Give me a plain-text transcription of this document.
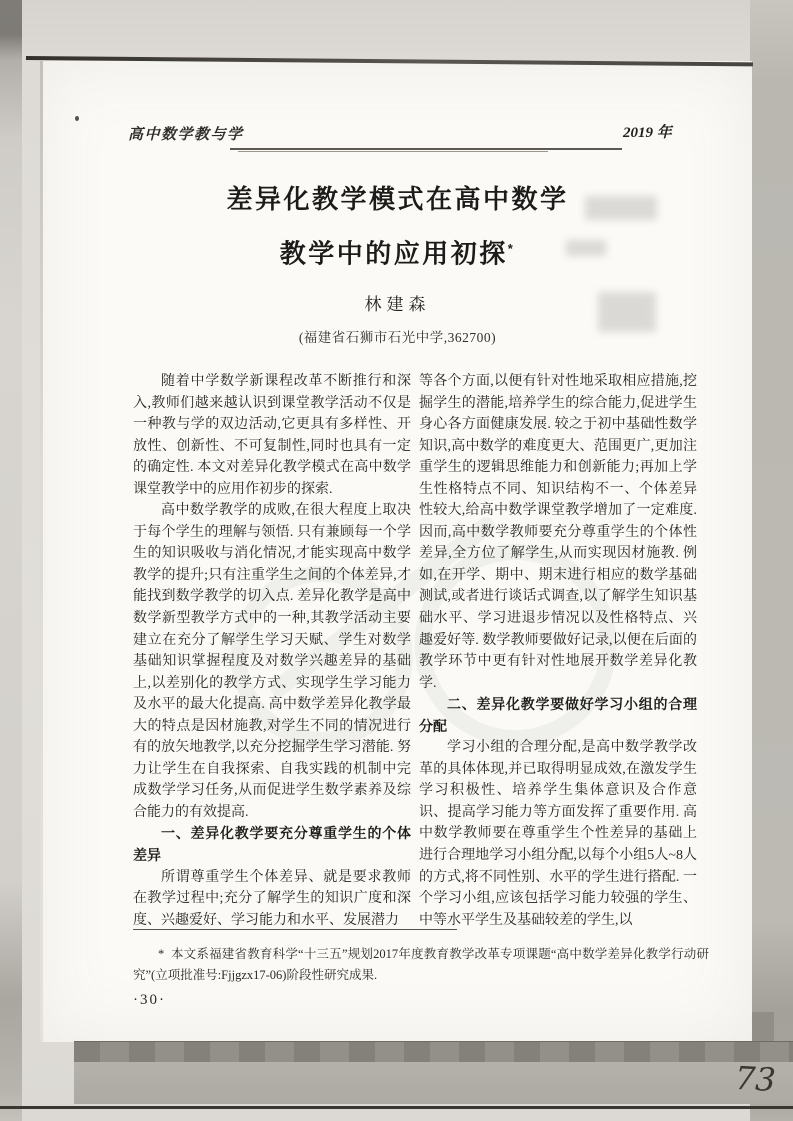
高中数学教与学	2019 年
差异化教学模式在高中数学
教学中的应用初探*
林建森
(福建省石狮市石光中学,362700)

随着中学数学新课程改革不断推行和深入,教师们越来越认识到课堂教学活动不仅是一种教与学的双边活动,它更具有多样性、开放性、创新性、不可复制性,同时也具有一定的确定性. 本文对差异化教学模式在高中数学课堂教学中的应用作初步的探索.

高中数学教学的成败,在很大程度上取决于每个学生的理解与领悟. 只有兼顾每一个学生的知识吸收与消化情况,才能实现高中数学教学的提升;只有注重学生之间的个体差异,才能找到数学教学的切入点. 差异化教学是高中数学新型教学方式中的一种,其教学活动主要建立在充分了解学生学习天赋、学生对数学基础知识掌握程度及对数学兴趣差异的基础上,以差别化的教学方式、实现学生学习能力及水平的最大化提高. 高中数学差异化教学最大的特点是因材施教,对学生不同的情况进行有的放矢地教学,以充分挖掘学生学习潜能. 努力让学生在自我探索、自我实践的机制中完成数学学习任务,从而促进学生数学素养及综合能力的有效提高.

一、差异化教学要充分尊重学生的个体差异

所谓尊重学生个体差异、就是要求教师在教学过程中;充分了解学生的知识广度和深度、兴趣爱好、学习能力和水平、发展潜力

等各个方面,以便有针对性地采取相应措施,挖掘学生的潜能,培养学生的综合能力,促进学生身心各方面健康发展. 较之于初中基础性数学知识,高中数学的难度更大、范围更广,更加注重学生的逻辑思维能力和创新能力;再加上学生性格特点不同、知识结构不一、个体差异性较大,给高中数学课堂教学增加了一定难度. 因而,高中数学教师要充分尊重学生的个体性差异,全方位了解学生,从而实现因材施教. 例如,在开学、期中、期末进行相应的数学基础测试,或者进行谈话式调查,以了解学生知识基础水平、学习进退步情况以及性格特点、兴趣爱好等. 数学教师要做好记录,以便在后面的教学环节中更有针对性地展开数学差异化教学.

二、差异化教学要做好学习小组的合理分配

学习小组的合理分配,是高中数学教学改革的具体体现,并已取得明显成效,在激发学生学习积极性、培养学生集体意识及合作意识、提高学习能力等方面发挥了重要作用. 高中数学教师要在尊重学生个性差异的基础上进行合理地学习小组分配,以每个小组5人~8人的方式,将不同性别、水平的学生进行搭配. 一个学习小组,应该包括学习能力较强的学生、中等水平学生及基础较差的学生,以

* 本文系福建省教育科学“十三五”规划2017年度教育教学改革专项课题“高中数学差异化教学行动研究”(立项批准号:Fjjgzx17-06)阶段性研究成果.

·30·
73
